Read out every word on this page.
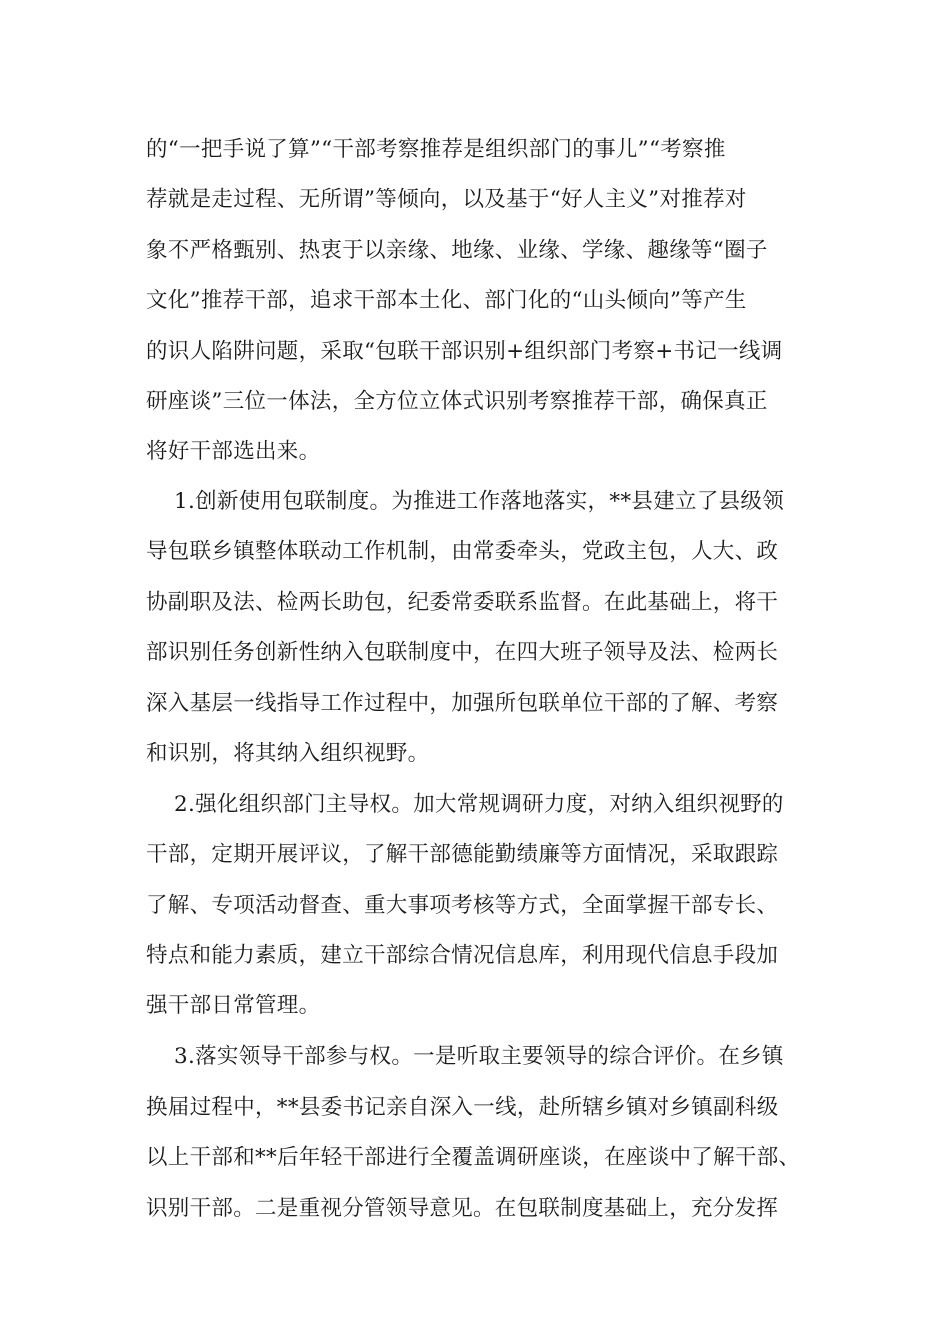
的“一把手说了算”“干部考察推荐是组织部门的事儿”“考察推
荐就是走过程、无所谓”等倾向，以及基于“好人主义”对推荐对
象不严格甄别、热衷于以亲缘、地缘、业缘、学缘、趣缘等“圈子
文化”推荐干部，追求干部本土化、部门化的“山头倾向”等产生
的识人陷阱问题，采取“包联干部识别+组织部门考察+书记一线调
研座谈”三位一体法，全方位立体式识别考察推荐干部，确保真正
将好干部选出来。
1.创新使用包联制度。为推进工作落地落实，**县建立了县级领
导包联乡镇整体联动工作机制，由常委牵头，党政主包，人大、政
协副职及法、检两长助包，纪委常委联系监督。在此基础上，将干
部识别任务创新性纳入包联制度中，在四大班子领导及法、检两长
深入基层一线指导工作过程中，加强所包联单位干部的了解、考察
和识别，将其纳入组织视野。
2.强化组织部门主导权。加大常规调研力度，对纳入组织视野的
干部，定期开展评议，了解干部德能勤绩廉等方面情况，采取跟踪
了解、专项活动督查、重大事项考核等方式，全面掌握干部专长、
特点和能力素质，建立干部综合情况信息库，利用现代信息手段加
强干部日常管理。
3.落实领导干部参与权。一是听取主要领导的综合评价。在乡镇
换届过程中，**县委书记亲自深入一线，赴所辖乡镇对乡镇副科级
以上干部和**后年轻干部进行全覆盖调研座谈，在座谈中了解干部、
识别干部。二是重视分管领导意见。在包联制度基础上，充分发挥
